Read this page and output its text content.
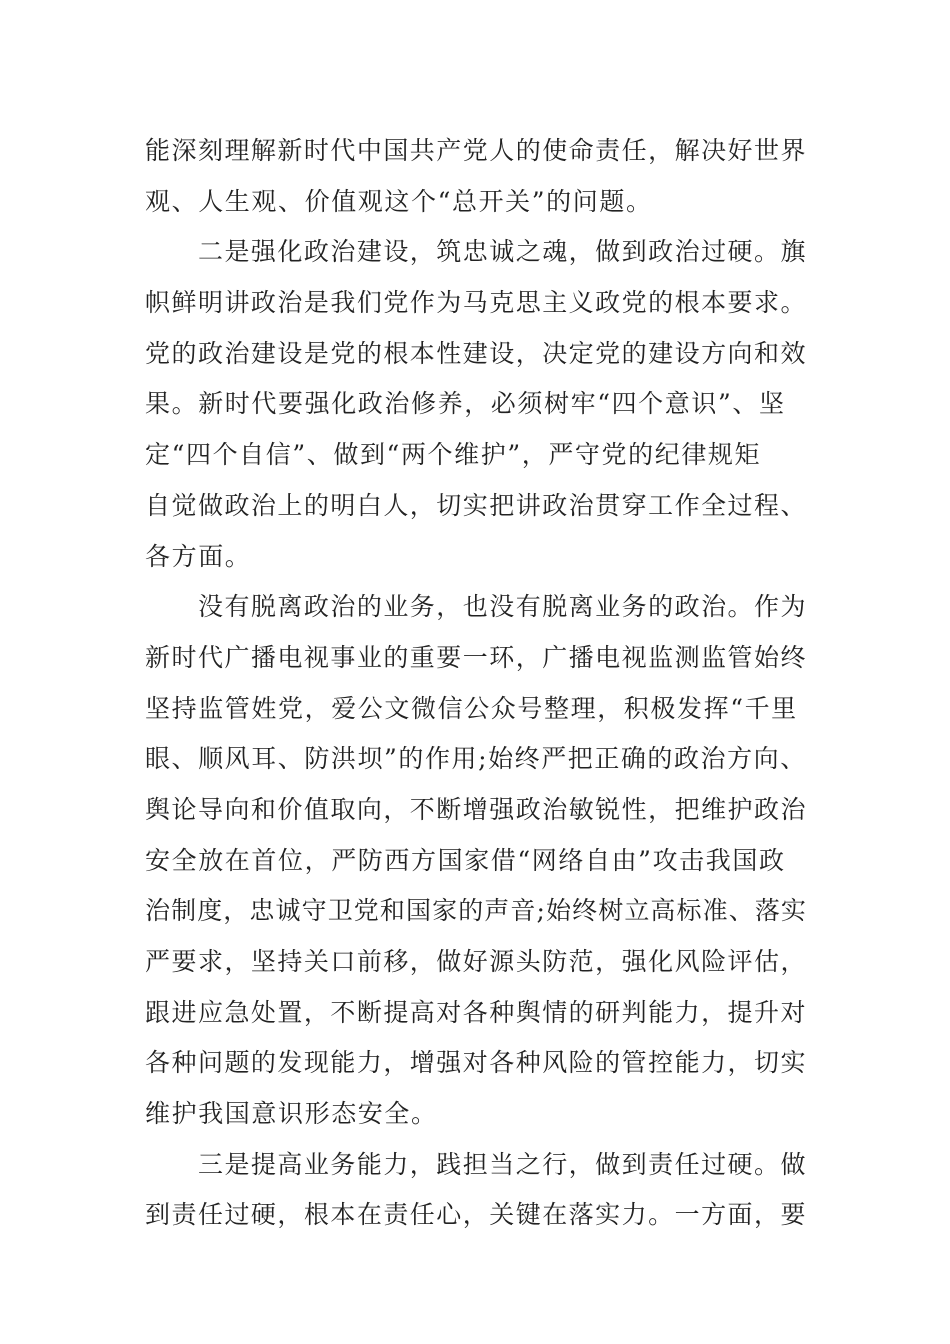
能深刻理解新时代中国共产党人的使命责任，解决好世界
观、人生观、价值观这个“总开关”的问题。
　　二是强化政治建设，筑忠诚之魂，做到政治过硬。旗
帜鲜明讲政治是我们党作为马克思主义政党的根本要求。
党的政治建设是党的根本性建设，决定党的建设方向和效
果。新时代要强化政治修养，必须树牢“四个意识”、坚
定“四个自信”、做到“两个维护”，严守党的纪律规矩
自觉做政治上的明白人，切实把讲政治贯穿工作全过程、
各方面。
　　没有脱离政治的业务，也没有脱离业务的政治。作为
新时代广播电视事业的重要一环，广播电视监测监管始终
坚持监管姓党，爱公文微信公众号整理，积极发挥“千里
眼、顺风耳、防洪坝”的作用;始终严把正确的政治方向、
舆论导向和价值取向，不断增强政治敏锐性，把维护政治
安全放在首位，严防西方国家借“网络自由”攻击我国政
治制度，忠诚守卫党和国家的声音;始终树立高标准、落实
严要求，坚持关口前移，做好源头防范，强化风险评估，
跟进应急处置，不断提高对各种舆情的研判能力，提升对
各种问题的发现能力，增强对各种风险的管控能力，切实
维护我国意识形态安全。
　　三是提高业务能力，践担当之行，做到责任过硬。做
到责任过硬，根本在责任心，关键在落实力。一方面，要
